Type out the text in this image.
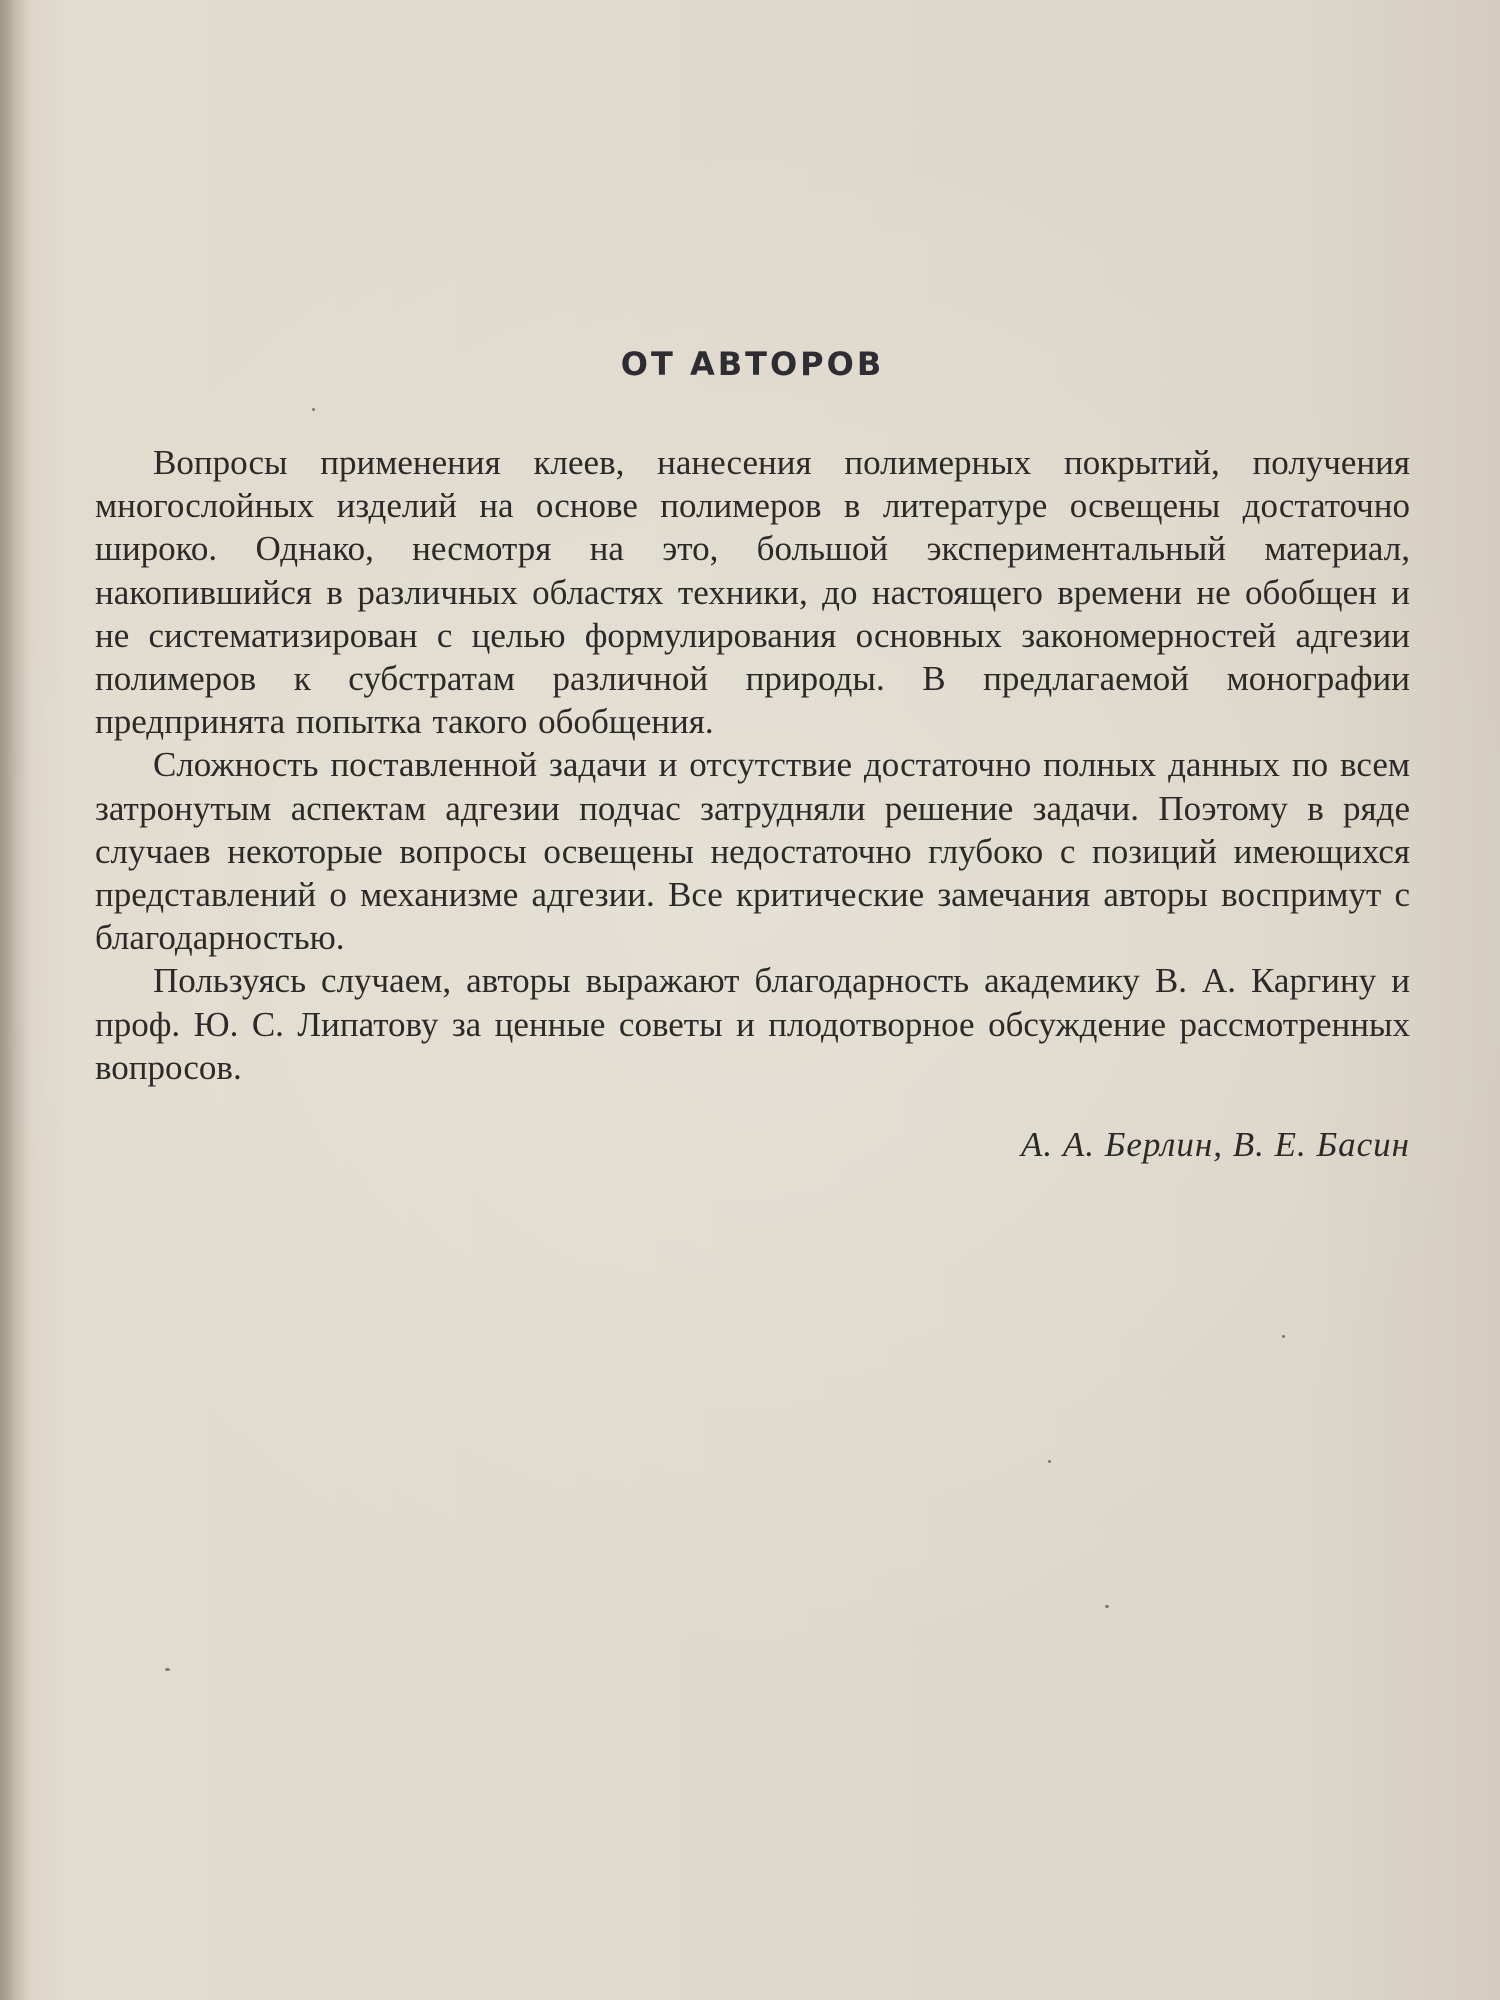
ОТ АВТОРОВ

Вопросы применения клеев, нанесения полимерных покрытий, получения многослойных изделий на основе полимеров в литературе освещены достаточно широко. Однако, несмотря на это, большой экспериментальный материал, накопившийся в различных областях техники, до настоящего времени не обобщен и не систематизирован с целью формулирования основных закономерностей адгезии полимеров к субстратам различной природы. В предлагаемой монографии предпринята попытка такого обобщения.

Сложность поставленной задачи и отсутствие достаточно полных данных по всем затронутым аспектам адгезии подчас затрудняли решение задачи. Поэтому в ряде случаев некоторые вопросы освещены недостаточно глубоко с позиций имеющихся представлений о механизме адгезии. Все критические замечания авторы воспримут с благодарностью.

Пользуясь случаем, авторы выражают благодарность академику В. А. Каргину и проф. Ю. С. Липатову за ценные советы и плодотворное обсуждение рассмотренных вопросов.

А. А. Берлин, В. Е. Басин
